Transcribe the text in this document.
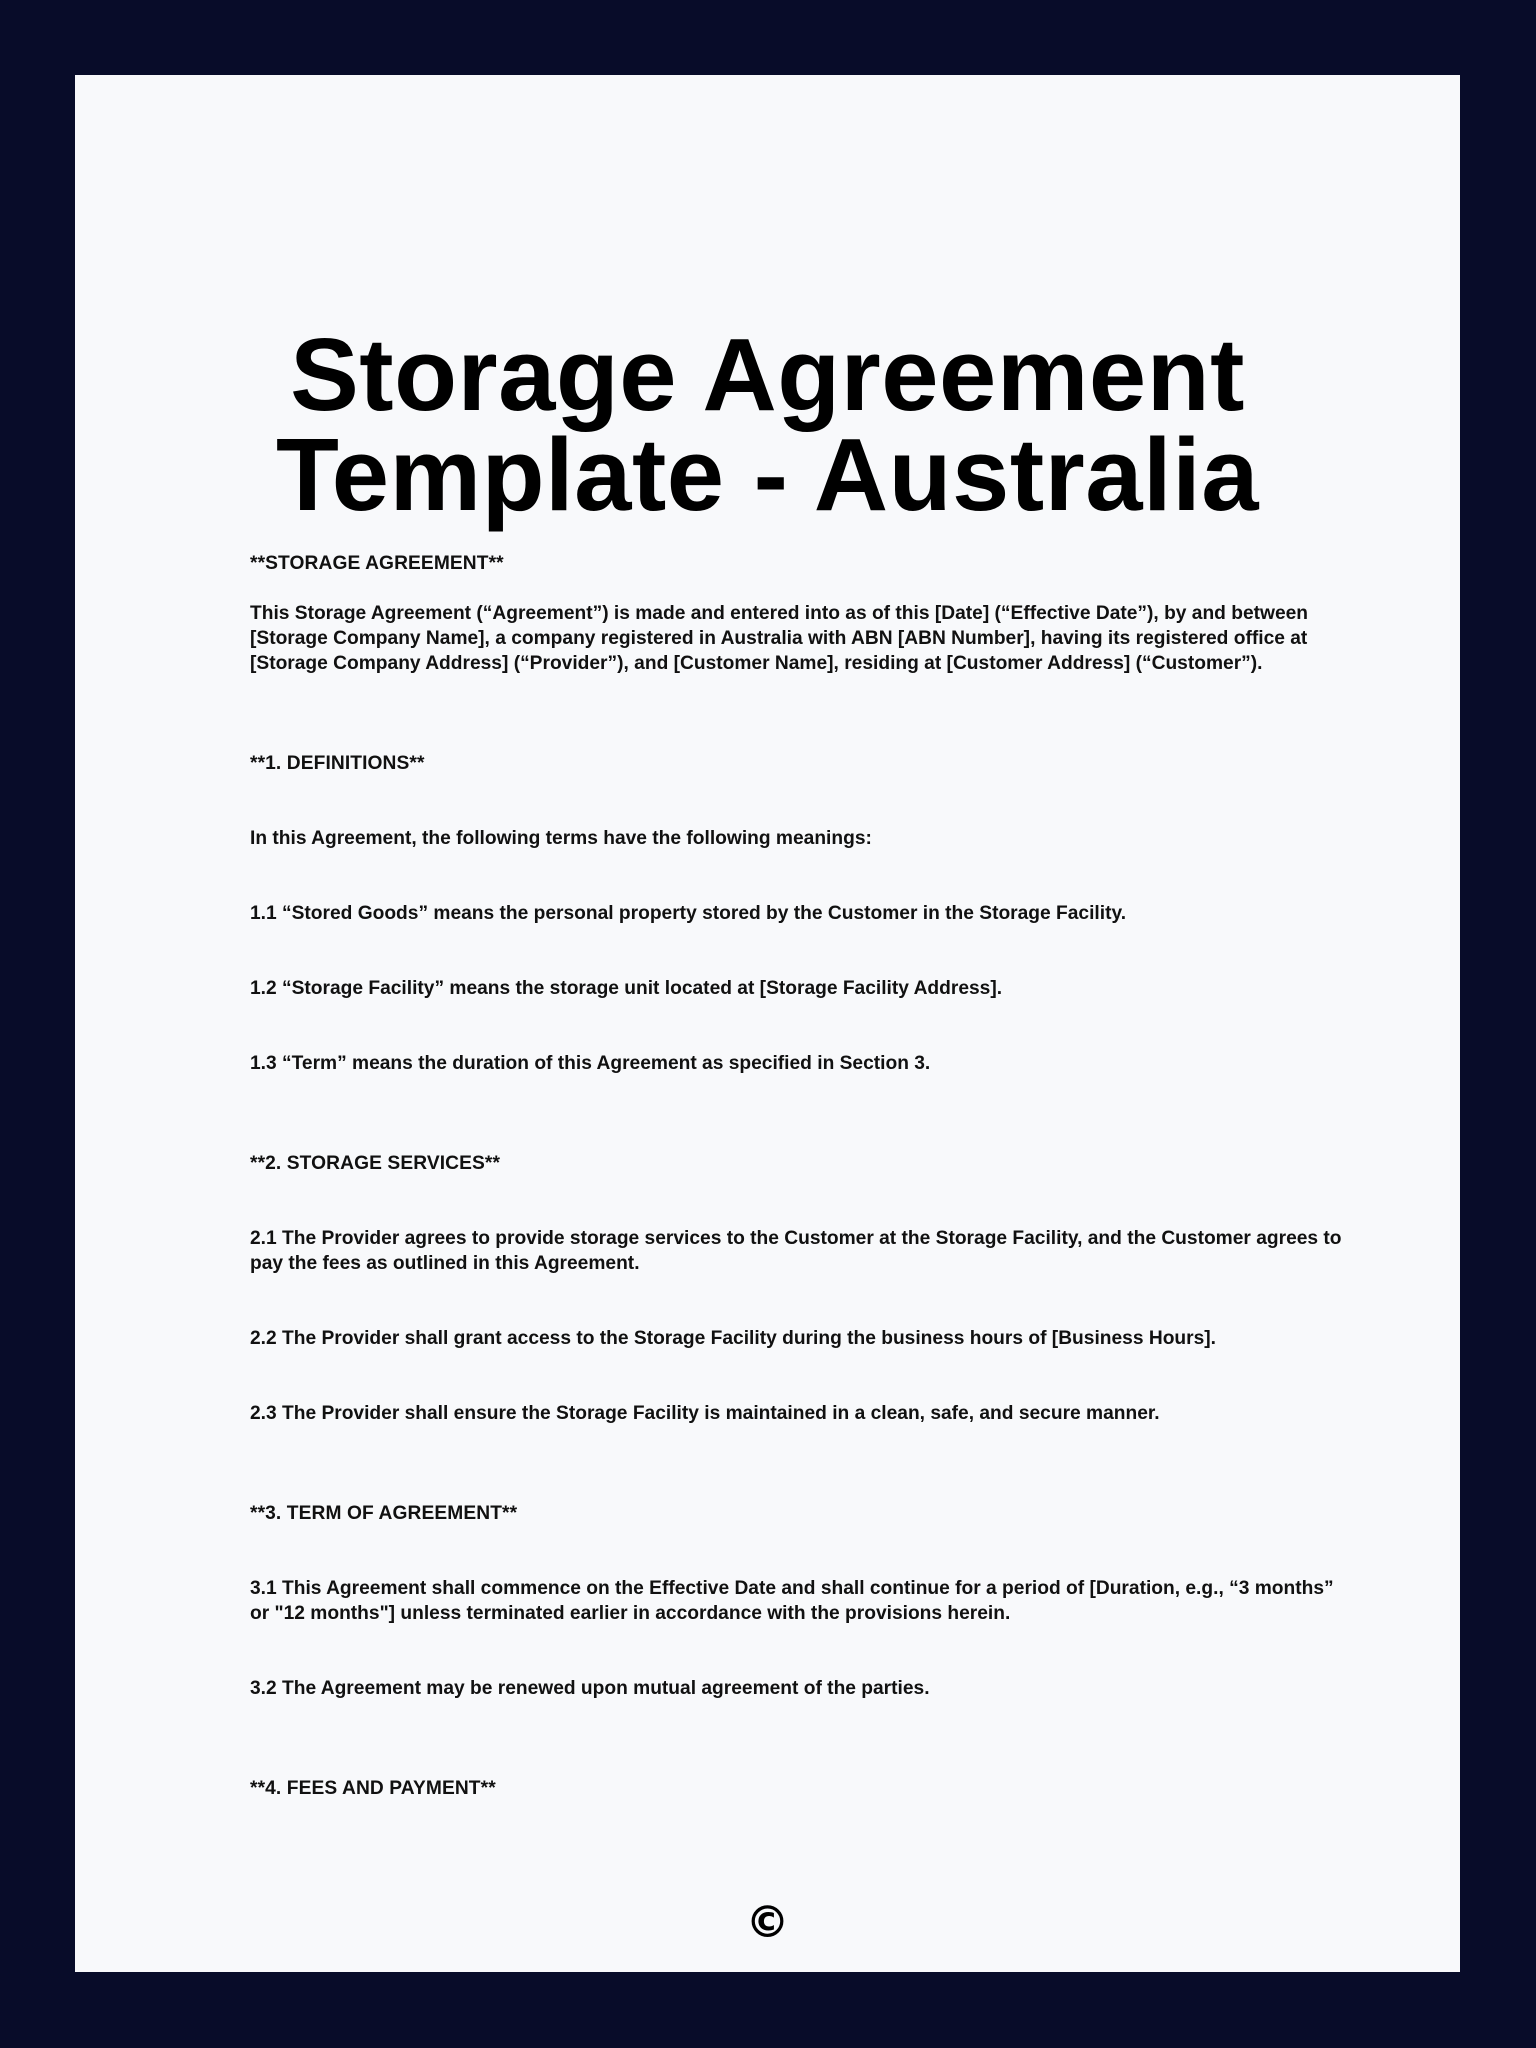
Storage Agreement Template - Australia

**STORAGE AGREEMENT**

This Storage Agreement (“Agreement”) is made and entered into as of this [Date] (“Effective Date”), by and between [Storage Company Name], a company registered in Australia with ABN [ABN Number], having its registered office at [Storage Company Address] (“Provider”), and [Customer Name], residing at [Customer Address] (“Customer”).

**1. DEFINITIONS**

In this Agreement, the following terms have the following meanings:

1.1 “Stored Goods” means the personal property stored by the Customer in the Storage Facility.

1.2 “Storage Facility” means the storage unit located at [Storage Facility Address].

1.3 “Term” means the duration of this Agreement as specified in Section 3.

**2. STORAGE SERVICES**

2.1 The Provider agrees to provide storage services to the Customer at the Storage Facility, and the Customer agrees to pay the fees as outlined in this Agreement.

2.2 The Provider shall grant access to the Storage Facility during the business hours of [Business Hours].

2.3 The Provider shall ensure the Storage Facility is maintained in a clean, safe, and secure manner.

**3. TERM OF AGREEMENT**

3.1 This Agreement shall commence on the Effective Date and shall continue for a period of [Duration, e.g., “3 months” or "12 months"] unless terminated earlier in accordance with the provisions herein.

3.2 The Agreement may be renewed upon mutual agreement of the parties.

**4. FEES AND PAYMENT**

©
